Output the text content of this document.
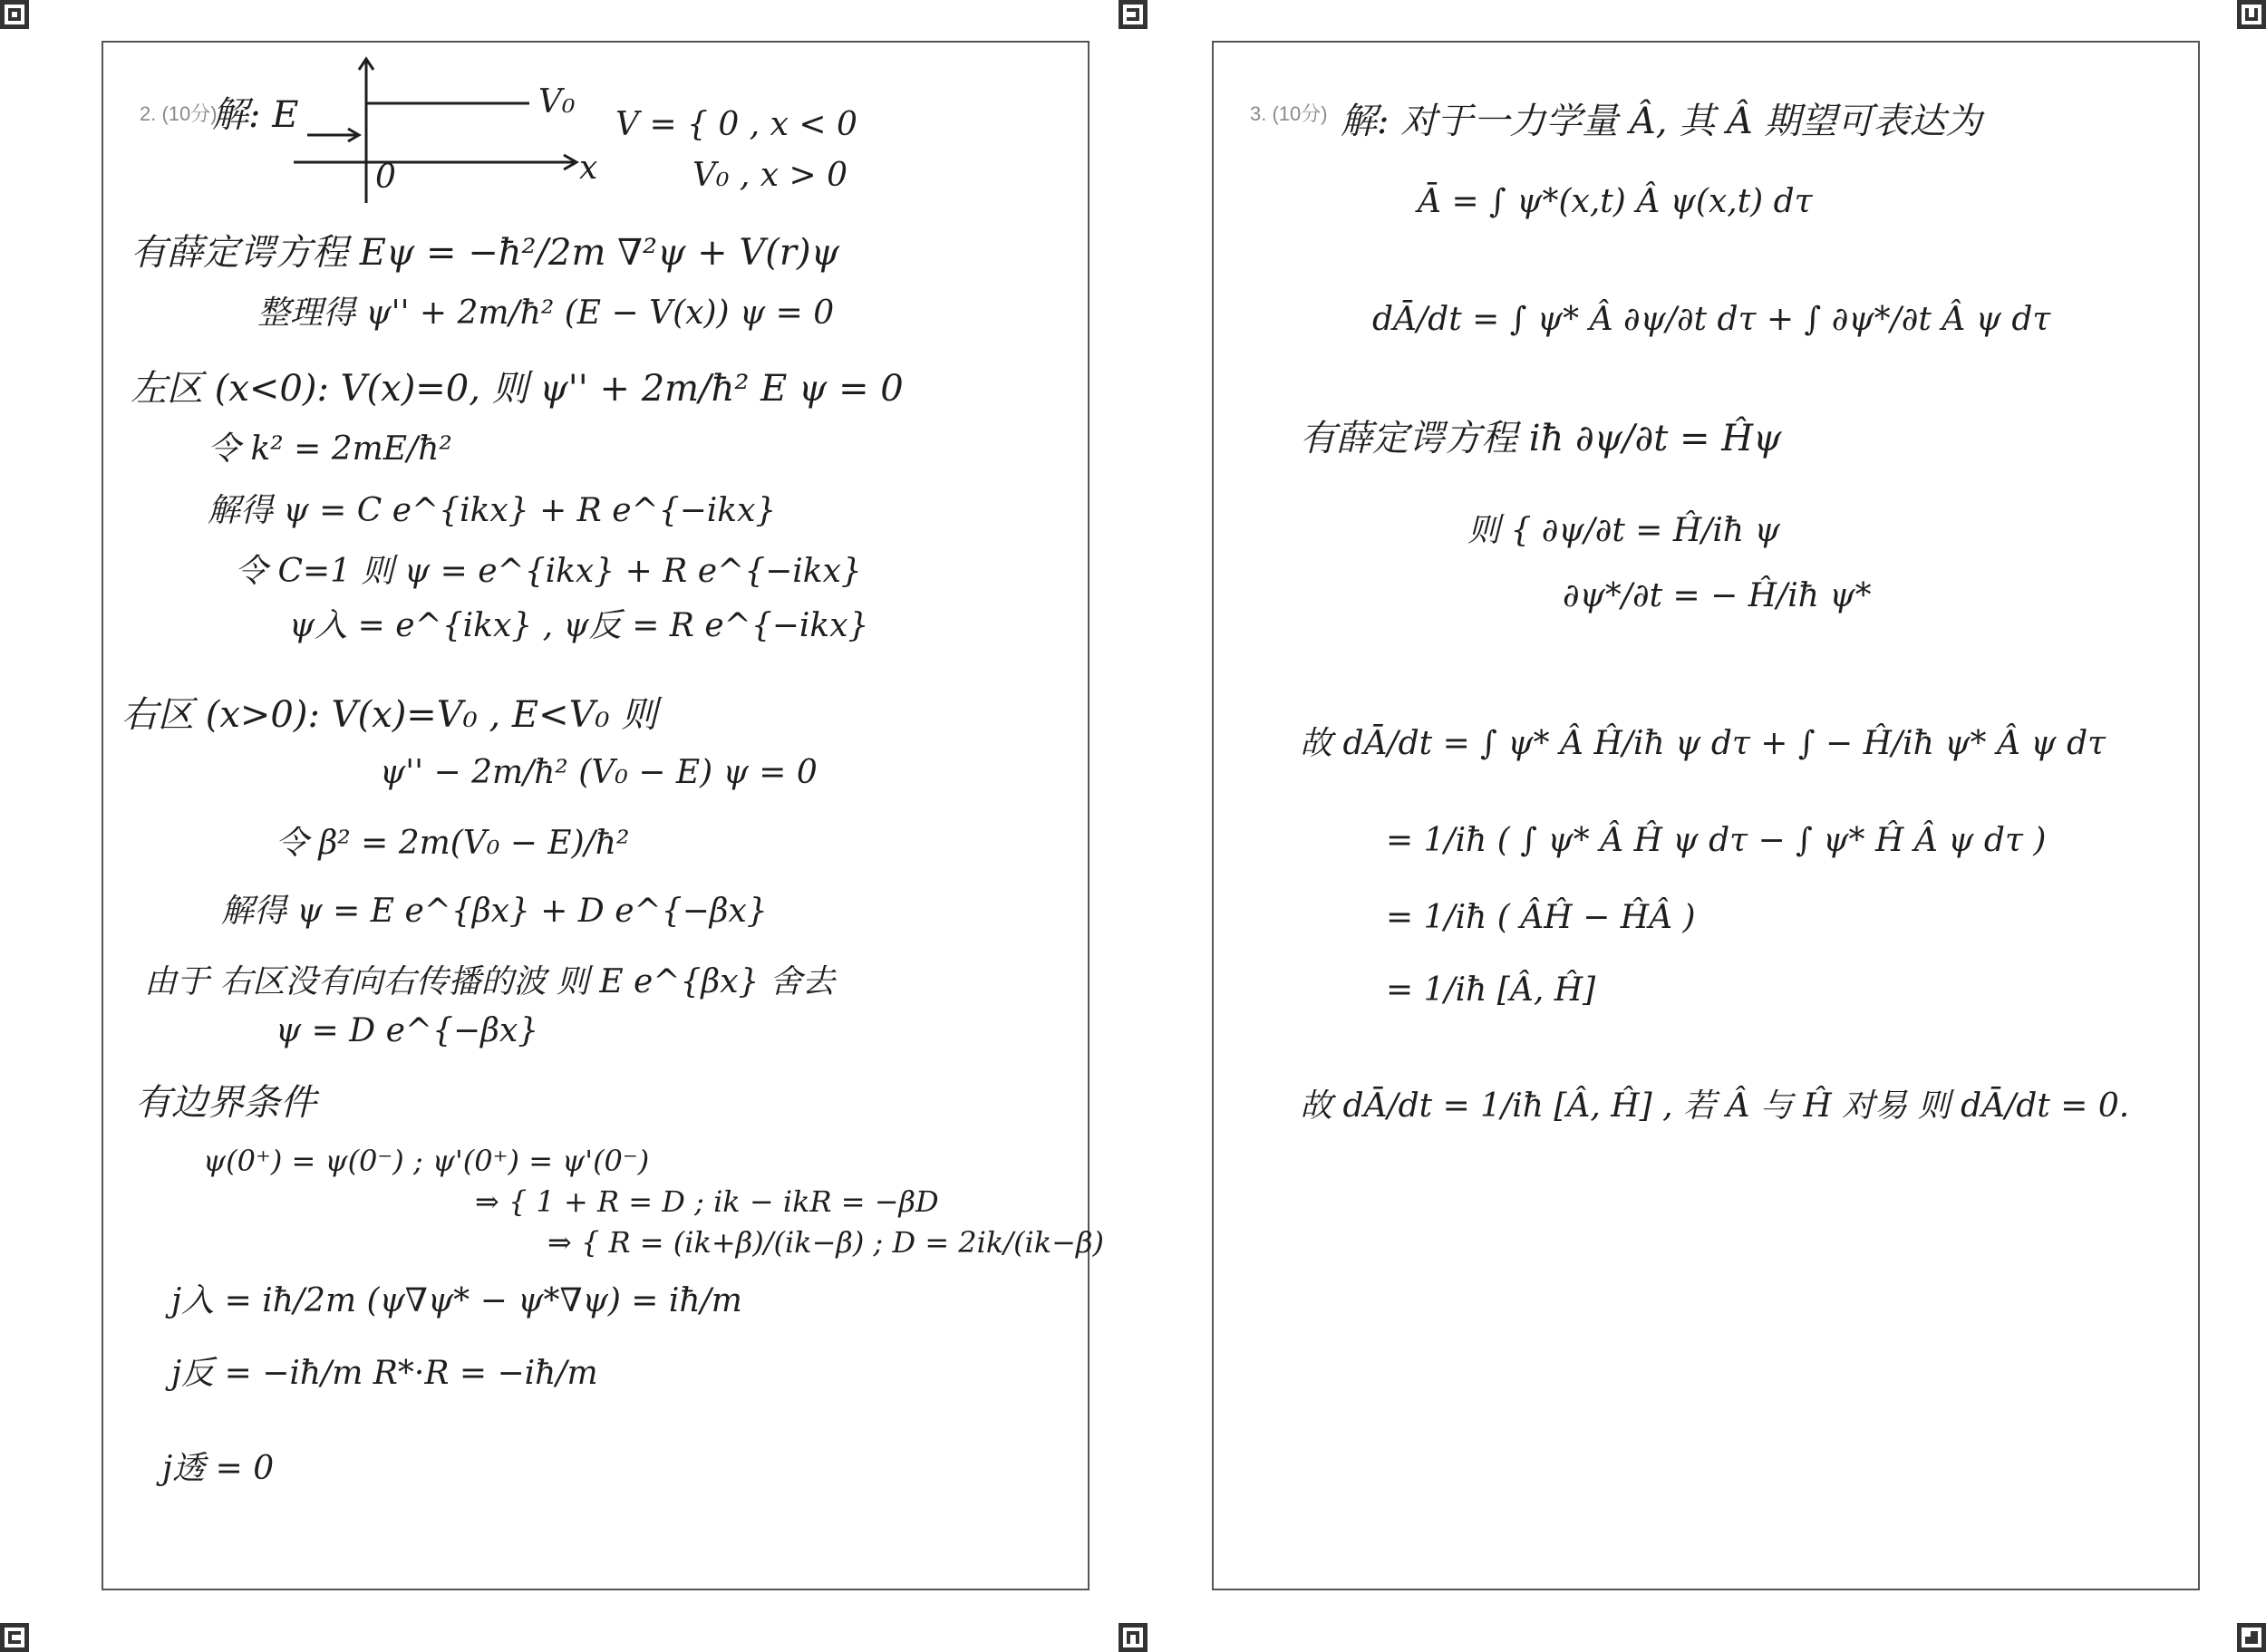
2. (10分)
解: E	V₀
x
0
V = { 0 , x < 0
V₀ , x > 0
有薛定谔方程 Eψ = −ħ²/2m ∇²ψ + V(r)ψ
整理得 ψ'' + 2m/ħ² (E − V(x)) ψ = 0
左区 (x<0): V(x)=0, 则 ψ'' + 2m/ħ² E ψ = 0
令 k² = 2mE/ħ²
解得 ψ = C e^{ikx} + R e^{−ikx}
令 C=1 则 ψ = e^{ikx} + R e^{−ikx}
ψ入 = e^{ikx} , ψ反 = R e^{−ikx}
右区 (x>0): V(x)=V₀ , E<V₀ 则
ψ'' − 2m/ħ² (V₀ − E) ψ = 0
令 β² = 2m(V₀ − E)/ħ²
解得 ψ = E e^{βx} + D e^{−βx}
由于 右区没有向右传播的波 则 E e^{βx} 舍去
ψ = D e^{−βx}
有边界条件
ψ(0⁺) = ψ(0⁻) ; ψ'(0⁺) = ψ'(0⁻)
⇒ { 1 + R = D ; ik − ikR = −βD
⇒ { R = (ik+β)/(ik−β) ; D = 2ik/(ik−β)
j入 = iħ/2m (ψ∇ψ* − ψ*∇ψ) = iħ/m
j反 = −iħ/m R*·R = −iħ/m
j透 = 0
3. (10分) 解: 对于一力学量 Â, 其 Â 期望可表达为
Ā = ∫ ψ*(x,t) Â ψ(x,t) dτ
dĀ/dt = ∫ ψ* Â ∂ψ/∂t dτ + ∫ ∂ψ*/∂t Â ψ dτ
有薛定谔方程 iħ ∂ψ/∂t = Ĥψ
则 { ∂ψ/∂t = Ĥ/iħ ψ
∂ψ*/∂t = − Ĥ/iħ ψ*
故 dĀ/dt = ∫ ψ* Â Ĥ/iħ ψ dτ + ∫ − Ĥ/iħ ψ* Â ψ dτ
= 1/iħ ( ∫ ψ* Â Ĥ ψ dτ − ∫ ψ* Ĥ Â ψ dτ )
= 1/iħ ( ÂĤ − ĤÂ )
= 1/iħ [Â, Ĥ]
故 dĀ/dt = 1/iħ [Â, Ĥ] , 若 Â 与 Ĥ 对易 则 dĀ/dt = 0.
